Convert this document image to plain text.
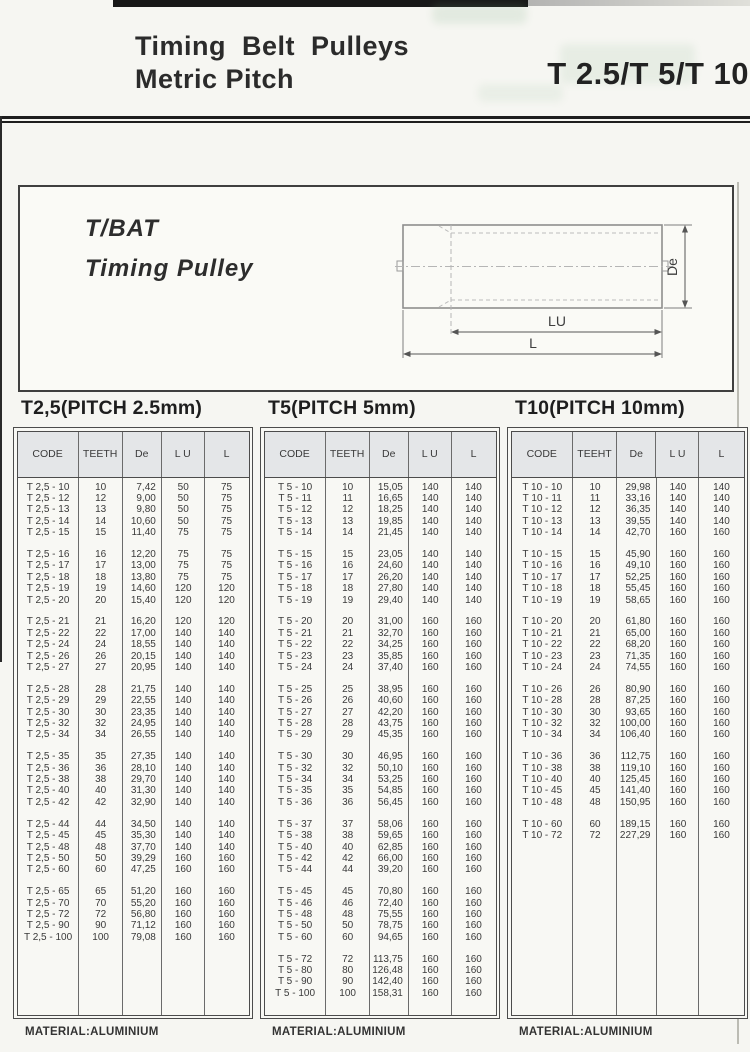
Timing Belt Pulleys
Metric Pitch	T 2.5/T 5/T 10
T/BAT
Timing Pulley	De
LU
L
T2,5(PITCH 2.5mm)
CODE	TEETH	De	L U	L
T 2,5 - 10	10	7,42	50	75
T 2,5 - 12	12	9,00	50	75
T 2,5 - 13	13	9,80	50	75
T 2,5 - 14	14	10,60	50	75
T 2,5 - 15	15	11,40	75	75
T 2,5 - 16	16	12,20	75	75
T 2,5 - 17	17	13,00	75	75
T 2,5 - 18	18	13,80	75	75
T 2,5 - 19	19	14,60	120	120
T 2,5 - 20	20	15,40	120	120
T 2,5 - 21	21	16,20	120	120
T 2,5 - 22	22	17,00	140	140
T 2,5 - 24	24	18,55	140	140
T 2,5 - 26	26	20,15	140	140
T 2,5 - 27	27	20,95	140	140
T 2,5 - 28	28	21,75	140	140
T 2,5 - 29	29	22,55	140	140
T 2,5 - 30	30	23,35	140	140
T 2,5 - 32	32	24,95	140	140
T 2,5 - 34	34	26,55	140	140
T 2,5 - 35	35	27,35	140	140
T 2,5 - 36	36	28,10	140	140
T 2,5 - 38	38	29,70	140	140
T 2,5 - 40	40	31,30	140	140
T 2,5 - 42	42	32,90	140	140
T 2,5 - 44	44	34,50	140	140
T 2,5 - 45	45	35,30	140	140
T 2,5 - 48	48	37,70	140	140
T 2,5 - 50	50	39,29	160	160
T 2,5 - 60	60	47,25	160	160
T 2,5 - 65	65	51,20	160	160
T 2,5 - 70	70	55,20	160	160
T 2,5 - 72	72	56,80	160	160
T 2,5 - 90	90	71,12	160	160
T 2,5 - 100	100	79,08	160	160
MATERIAL:ALUMINIUM
T5(PITCH 5mm)
CODE	TEETH	De	L U	L
T 5 - 10	10	15,05	140	140
T 5 - 11	11	16,65	140	140
T 5 - 12	12	18,25	140	140
T 5 - 13	13	19,85	140	140
T 5 - 14	14	21,45	140	140
T 5 - 15	15	23,05	140	140
T 5 - 16	16	24,60	140	140
T 5 - 17	17	26,20	140	140
T 5 - 18	18	27,80	140	140
T 5 - 19	19	29,40	140	140
T 5 - 20	20	31,00	160	160
T 5 - 21	21	32,70	160	160
T 5 - 22	22	34,25	160	160
T 5 - 23	23	35,85	160	160
T 5 - 24	24	37,40	160	160
T 5 - 25	25	38,95	160	160
T 5 - 26	26	40,60	160	160
T 5 - 27	27	42,20	160	160
T 5 - 28	28	43,75	160	160
T 5 - 29	29	45,35	160	160
T 5 - 30	30	46,95	160	160
T 5 - 32	32	50,10	160	160
T 5 - 34	34	53,25	160	160
T 5 - 35	35	54,85	160	160
T 5 - 36	36	56,45	160	160
T 5 - 37	37	58,06	160	160
T 5 - 38	38	59,65	160	160
T 5 - 40	40	62,85	160	160
T 5 - 42	42	66,00	160	160
T 5 - 44	44	39,20	160	160
T 5 - 45	45	70,80	160	160
T 5 - 46	46	72,40	160	160
T 5 - 48	48	75,55	160	160
T 5 - 50	50	78,75	160	160
T 5 - 60	60	94,65	160	160
T 5 - 72	72	113,75	160	160
T 5 - 80	80	126,48	160	160
T 5 - 90	90	142,40	160	160
T 5 - 100	100	158,31	160	160
MATERIAL:ALUMINIUM
T10(PITCH 10mm)
CODE	TEEHT	De	L U	L
T 10 - 10	10	29,98	140	140
T 10 - 11	11	33,16	140	140
T 10 - 12	12	36,35	140	140
T 10 - 13	13	39,55	140	140
T 10 - 14	14	42,70	160	160
T 10 - 15	15	45,90	160	160
T 10 - 16	16	49,10	160	160
T 10 - 17	17	52,25	160	160
T 10 - 18	18	55,45	160	160
T 10 - 19	19	58,65	160	160
T 10 - 20	20	61,80	160	160
T 10 - 21	21	65,00	160	160
T 10 - 22	22	68,20	160	160
T 10 - 23	23	71,35	160	160
T 10 - 24	24	74,55	160	160
T 10 - 26	26	80,90	160	160
T 10 - 28	28	87,25	160	160
T 10 - 30	30	93,65	160	160
T 10 - 32	32	100,00	160	160
T 10 - 34	34	106,40	160	160
T 10 - 36	36	112,75	160	160
T 10 - 38	38	119,10	160	160
T 10 - 40	40	125,45	160	160
T 10 - 45	45	141,40	160	160
T 10 - 48	48	150,95	160	160
T 10 - 60	60	189,15	160	160
T 10 - 72	72	227,29	160	160
MATERIAL:ALUMINIUM
